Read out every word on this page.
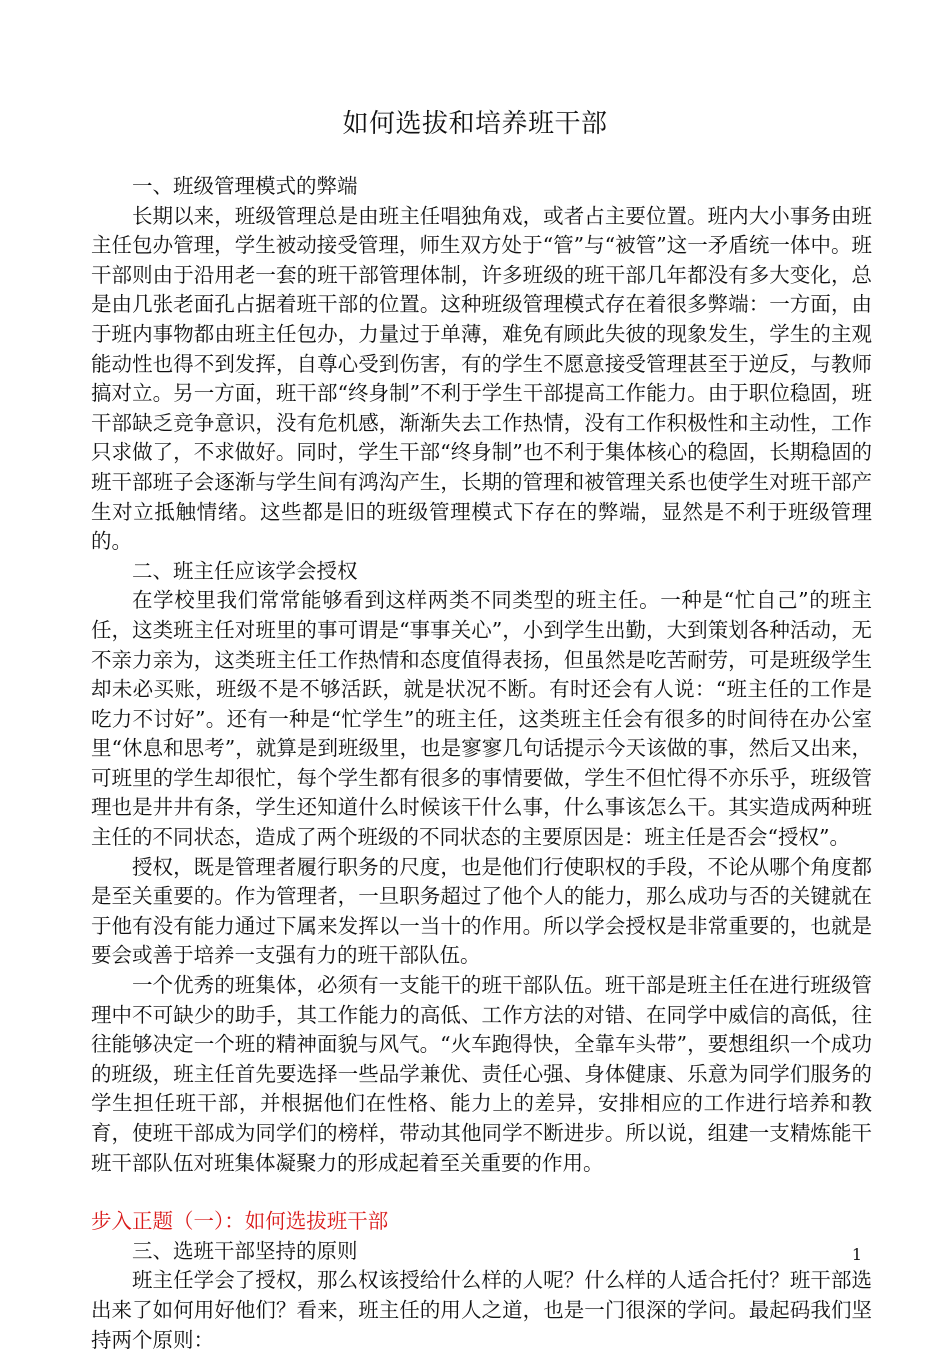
如何选拔和培养班干部

一、班级管理模式的弊端

长期以来，班级管理总是由班主任唱独角戏，或者占主要位置。班内大小事务由班主任包办管理，学生被动接受管理，师生双方处于“管”与“被管”这一矛盾统一体中。班干部则由于沿用老一套的班干部管理体制，许多班级的班干部几年都没有多大变化，总是由几张老面孔占据着班干部的位置。这种班级管理模式存在着很多弊端：一方面，由于班内事物都由班主任包办，力量过于单薄，难免有顾此失彼的现象发生，学生的主观能动性也得不到发挥，自尊心受到伤害，有的学生不愿意接受管理甚至于逆反，与教师搞对立。另一方面，班干部“终身制”不利于学生干部提高工作能力。由于职位稳固，班干部缺乏竞争意识，没有危机感，渐渐失去工作热情，没有工作积极性和主动性，工作只求做了，不求做好。同时，学生干部“终身制”也不利于集体核心的稳固，长期稳固的班干部班子会逐渐与学生间有鸿沟产生，长期的管理和被管理关系也使学生对班干部产生对立抵触情绪。这些都是旧的班级管理模式下存在的弊端，显然是不利于班级管理的。

二、班主任应该学会授权

在学校里我们常常能够看到这样两类不同类型的班主任。一种是“忙自己”的班主任，这类班主任对班里的事可谓是“事事关心”，小到学生出勤，大到策划各种活动，无不亲力亲为，这类班主任工作热情和态度值得表扬，但虽然是吃苦耐劳，可是班级学生却未必买账，班级不是不够活跃，就是状况不断。有时还会有人说：“班主任的工作是吃力不讨好”。还有一种是“忙学生”的班主任，这类班主任会有很多的时间待在办公室里“休息和思考”，就算是到班级里，也是寥寥几句话提示今天该做的事，然后又出来，可班里的学生却很忙，每个学生都有很多的事情要做，学生不但忙得不亦乐乎，班级管理也是井井有条，学生还知道什么时候该干什么事，什么事该怎么干。其实造成两种班主任的不同状态，造成了两个班级的不同状态的主要原因是：班主任是否会“授权”。

授权，既是管理者履行职务的尺度，也是他们行使职权的手段，不论从哪个角度都是至关重要的。作为管理者，一旦职务超过了他个人的能力，那么成功与否的关键就在于他有没有能力通过下属来发挥以一当十的作用。所以学会授权是非常重要的，也就是要会或善于培养一支强有力的班干部队伍。

一个优秀的班集体，必须有一支能干的班干部队伍。班干部是班主任在进行班级管理中不可缺少的助手，其工作能力的高低、工作方法的对错、在同学中威信的高低，往往能够决定一个班的精神面貌与风气。“火车跑得快，全靠车头带”，要想组织一个成功的班级，班主任首先要选择一些品学兼优、责任心强、身体健康、乐意为同学们服务的学生担任班干部，并根据他们在性格、能力上的差异，安排相应的工作进行培养和教育，使班干部成为同学们的榜样，带动其他同学不断进步。所以说，组建一支精炼能干班干部队伍对班集体凝聚力的形成起着至关重要的作用。

步入正题（一）：如何选拔班干部

三、选班干部坚持的原则

班主任学会了授权，那么权该授给什么样的人呢？什么样的人适合托付？班干部选出来了如何用好他们？看来，班主任的用人之道，也是一门很深的学问。最起码我们坚持两个原则：

1
